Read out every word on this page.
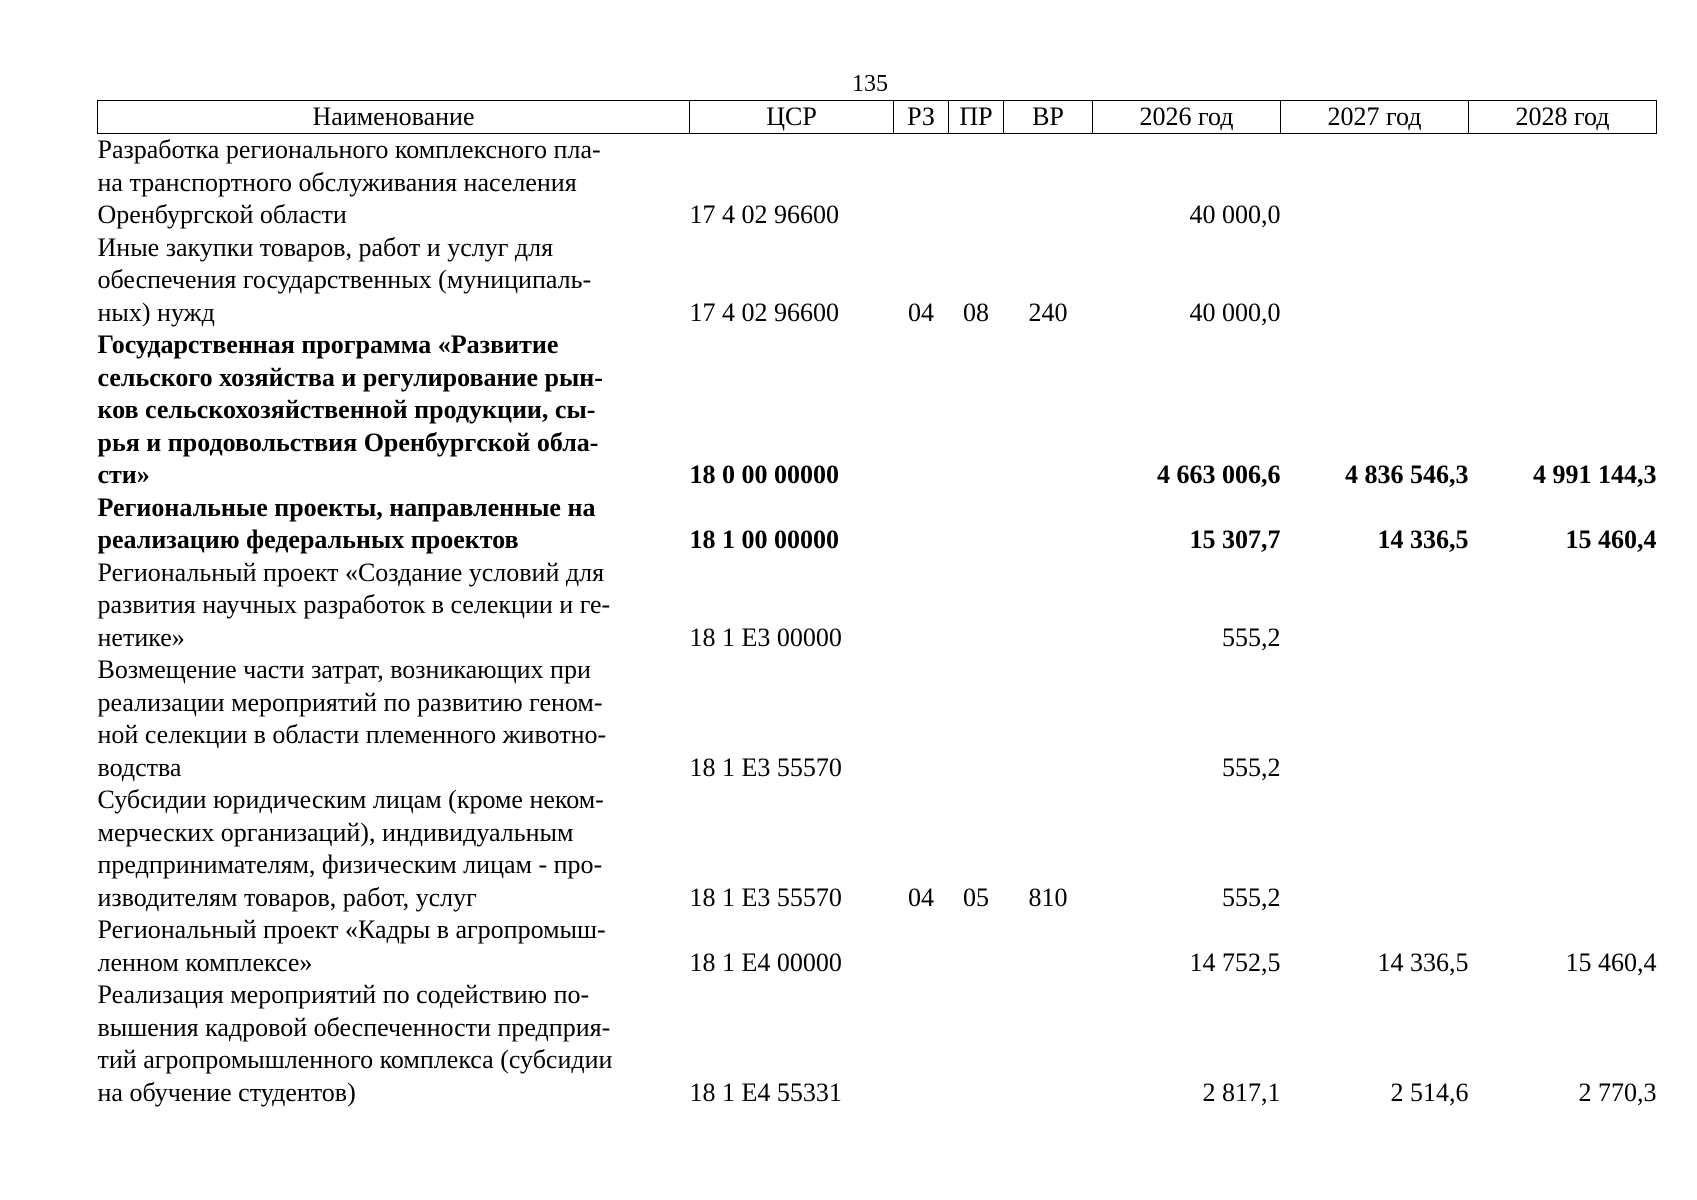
135
Наименование	ЦСР	РЗ	ПР	ВР	2026 год	2027 год	2028 год

Разработка регионального комплексного пла-
на транспортного обслуживания населения
Оренбургской области	17 4 02 96600				40 000,0		

Иные закупки товаров, работ и услуг для
обеспечения государственных (муниципаль-
ных) нужд	17 4 02 96600	04	08	240	40 000,0		

Государственная программа «Развитие
сельского хозяйства и регулирование рын-
ков сельскохозяйственной продукции, сы-
рья и продовольствия Оренбургской обла-
сти»	18 0 00 00000				4 663 006,6	4 836 546,3	4 991 144,3

Региональные проекты, направленные на
реализацию федеральных проектов	18 1 00 00000				15 307,7	14 336,5	15 460,4

Региональный проект «Создание условий для
развития научных разработок в селекции и ге-
нетике»	18 1 Е3 00000				555,2		

Возмещение части затрат, возникающих при
реализации мероприятий по развитию геном-
ной селекции в области племенного животно-
водства	18 1 Е3 55570				555,2		

Субсидии юридическим лицам (кроме неком-
мерческих организаций), индивидуальным
предпринимателям, физическим лицам - про-
изводителям товаров, работ, услуг	18 1 Е3 55570	04	05	810	555,2		

Региональный проект «Кадры в агропромыш-
ленном комплексе»	18 1 Е4 00000				14 752,5	14 336,5	15 460,4

Реализация мероприятий по содействию по-
вышения кадровой обеспеченности предприя-
тий агропромышленного комплекса (субсидии
на обучение студентов)	18 1 Е4 55331				2 817,1	2 514,6	2 770,3
